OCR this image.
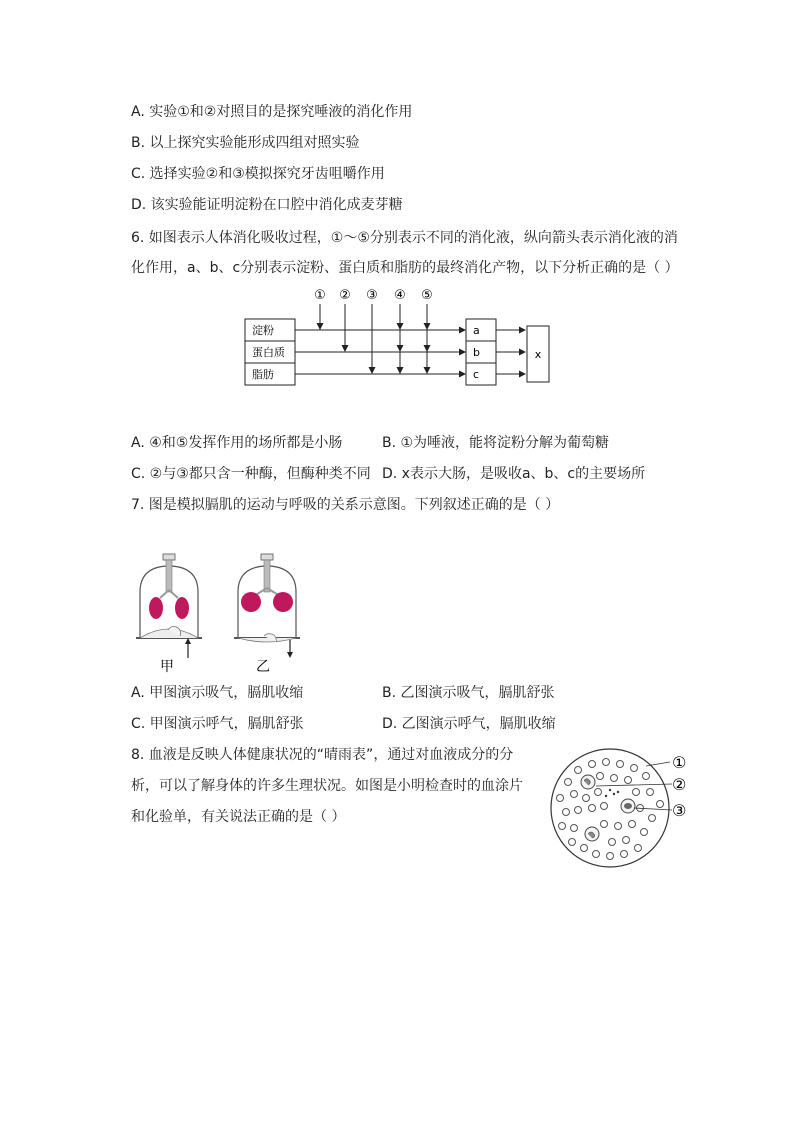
A. 实验①和②对照目的是探究唾液的消化作用
B. 以上探究实验能形成四组对照实验
C. 选择实验②和③模拟探究牙齿咀嚼作用
D. 该实验能证明淀粉在口腔中消化成麦芽糖
6. 如图表示人体消化吸收过程，①～⑤分别表示不同的消化液，纵向箭头表示消化液的消
化作用，a、b、c分别表示淀粉、蛋白质和脂肪的最终消化产物，以下分析正确的是（ ）
① ② ③ ④ ⑤
淀粉
蛋白质
脂肪
a
b
c
x
A. ④和⑤发挥作用的场所都是小肠	B. ①为唾液，能将淀粉分解为葡萄糖
C. ②与③都只含一种酶，但酶种类不同 D. x表示大肠，是吸收a、b、c的主要场所
7. 图是模拟膈肌的运动与呼吸的关系示意图。下列叙述正确的是（ ）
甲	乙
A. 甲图演示吸气，膈肌收缩	B. 乙图演示吸气，膈肌舒张
C. 甲图演示呼气，膈肌舒张	D. 乙图演示呼气，膈肌收缩
8. 血液是反映人体健康状况的“晴雨表”，通过对血液成分的分
析，可以了解身体的许多生理状况。如图是小明检查时的血涂片
和化验单，有关说法正确的是（ ）
①
②
③
